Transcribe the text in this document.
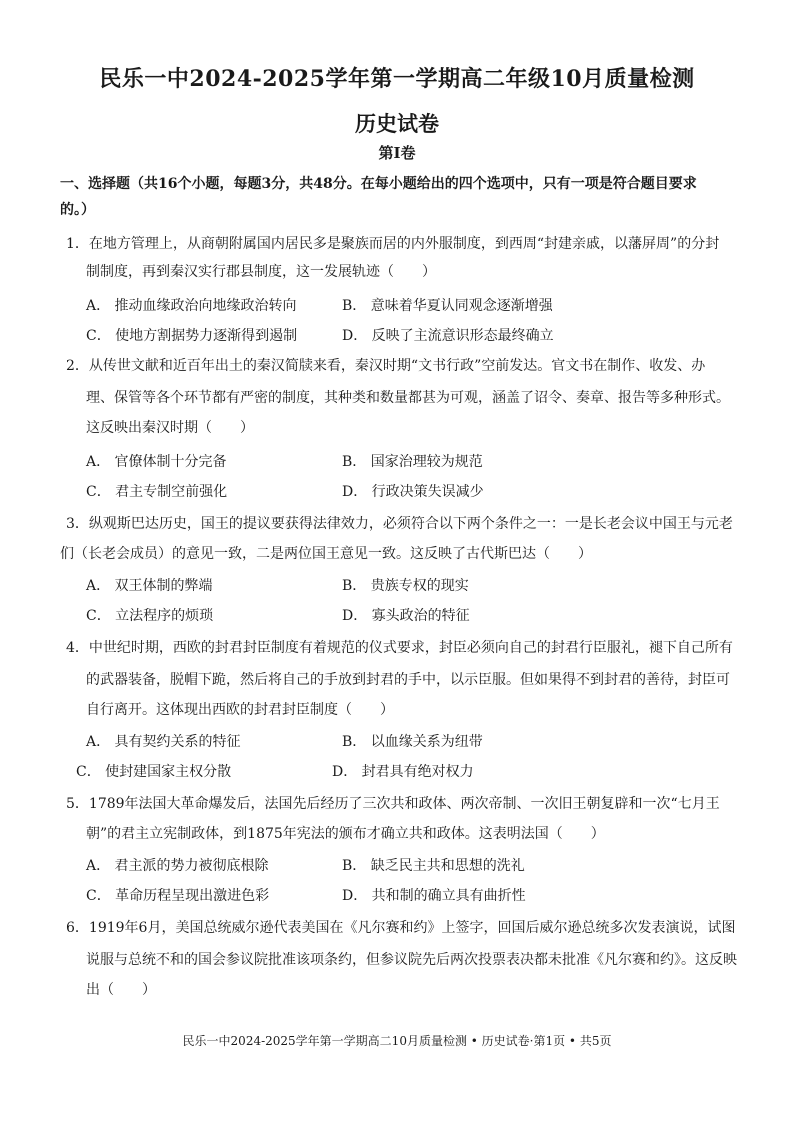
民乐一中2024-2025学年第一学期高二年级10月质量检测
历史试卷
第Ⅰ卷
一、选择题（共16个小题，每题3分，共48分。在每小题给出的四个选项中，只有一项是符合题目要求
的。）
1．在地方管理上，从商朝附属国内居民多是聚族而居的内外服制度，到西周“封建亲戚，以藩屏周”的分封
制制度，再到秦汉实行郡县制度，这一发展轨迹（　　）
A． 推动血缘政治向地缘政治转向	B． 意味着华夏认同观念逐渐增强
C． 使地方割据势力逐渐得到遏制	D． 反映了主流意识形态最终确立
2．从传世文献和近百年出土的秦汉简牍来看，秦汉时期“文书行政”空前发达。官文书在制作、收发、办
理、保管等各个环节都有严密的制度，其种类和数量都甚为可观，涵盖了诏令、奏章、报告等多种形式。
这反映出秦汉时期（　　）
A． 官僚体制十分完备	B． 国家治理较为规范
C． 君主专制空前强化	D． 行政决策失误减少
3．纵观斯巴达历史，国王的提议要获得法律效力，必须符合以下两个条件之一：一是长老会议中国王与元老
们（长老会成员）的意见一致，二是两位国王意见一致。这反映了古代斯巴达（　　）
A． 双王体制的弊端	B． 贵族专权的现实
C． 立法程序的烦琐	D． 寡头政治的特征
4．中世纪时期，西欧的封君封臣制度有着规范的仪式要求，封臣必须向自己的封君行臣服礼，褪下自己所有
的武器装备，脱帽下跪，然后将自己的手放到封君的手中，以示臣服。但如果得不到封君的善待，封臣可
自行离开。这体现出西欧的封君封臣制度（　　）
A． 具有契约关系的特征	B． 以血缘关系为纽带
C． 使封建国家主权分散	D． 封君具有绝对权力
5．1789年法国大革命爆发后，法国先后经历了三次共和政体、两次帝制、一次旧王朝复辟和一次“七月王
朝”的君主立宪制政体，到1875年宪法的颁布才确立共和政体。这表明法国（　　）
A． 君主派的势力被彻底根除	B． 缺乏民主共和思想的洗礼
C． 革命历程呈现出激进色彩	D． 共和制的确立具有曲折性
6．1919年6月，美国总统威尔逊代表美国在《凡尔赛和约》上签字，回国后威尔逊总统多次发表演说，试图
说服与总统不和的国会参议院批准该项条约，但参议院先后两次投票表决都未批准《凡尔赛和约》。这反映
出（　　）
民乐一中2024-2025学年第一学期高二10月质量检测 • 历史试卷·第1页 • 共5页
